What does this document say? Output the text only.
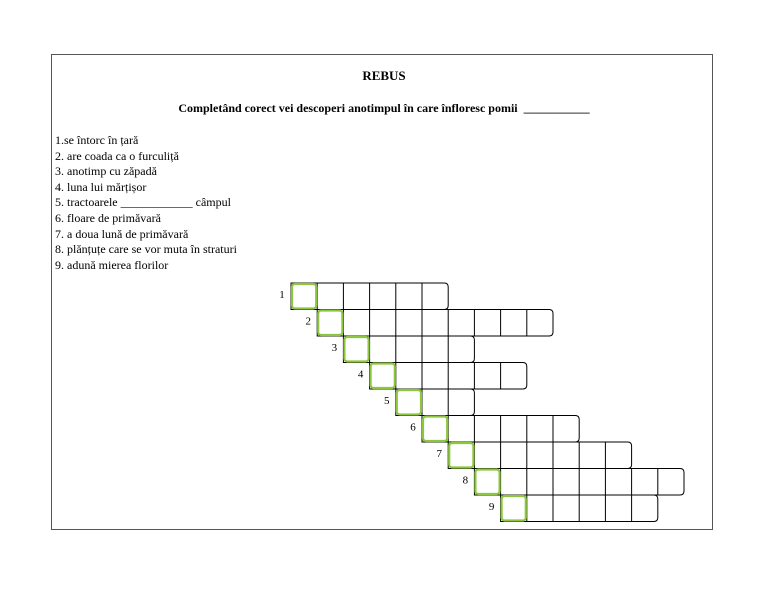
REBUS
Completând corect vei descoperi anotimpul în care înfloresc pomii ___________
1.se întorc în țară
2. are coada ca o furculiță
3. anotimp cu zăpadă
4. luna lui mărțișor
5. tractoarele ____________ câmpul
6. floare de primăvară
7. a doua lună de primăvară
8. plănțuțe care se vor muta în straturi
9. adună mierea florilor
1
2
3
4
5
6
7
8
9
